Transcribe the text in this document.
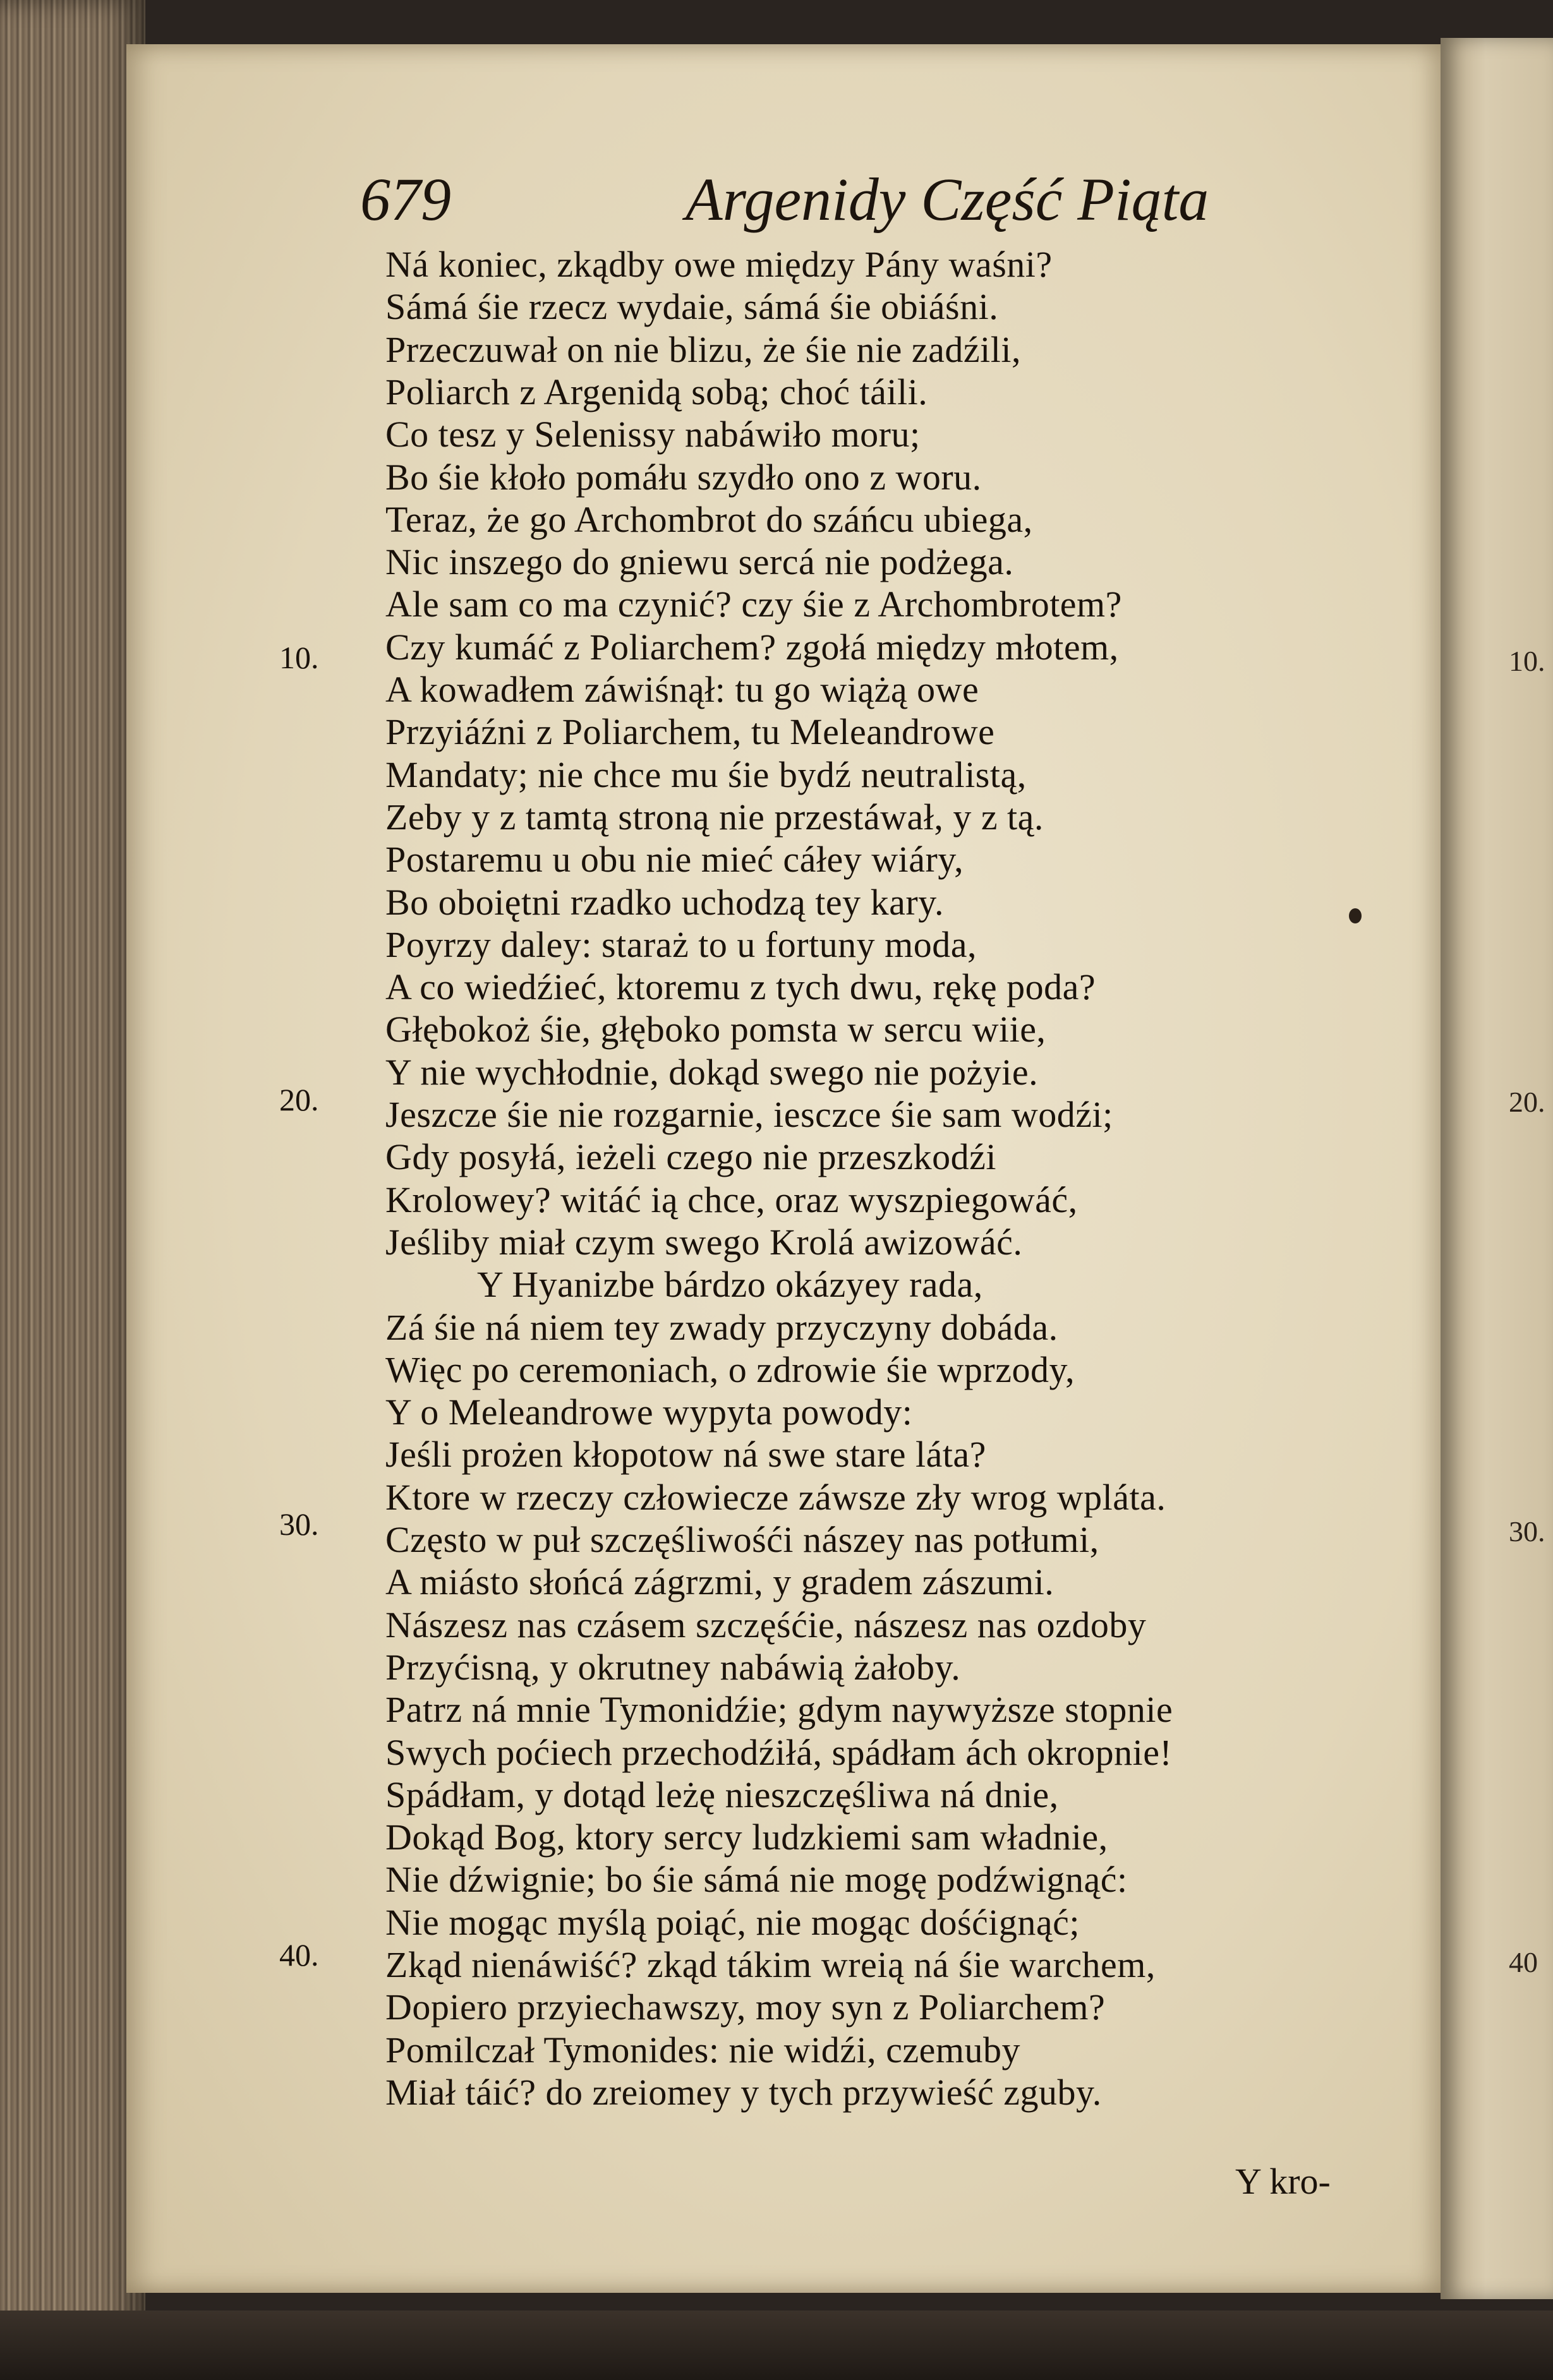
679	Argenidy Część Piąta
Ná koniec, zkądby owe między Pány waśni?
Sámá śie rzecz wydaie, sámá śie obiáśni.
Przeczuwał on nie blizu, że śie nie zadźili,
Poliarch z Argenidą sobą; choć táili.
Co tesz y Selenissy nabáwiło moru;
Bo śie kłoło pomáłu szydło ono z woru.
Teraz, że go Archombrot do száńcu ubiega,
Nic inszego do gniewu sercá nie podżega.
Ale sam co ma czynić? czy śie z Archombrotem?
Czy kumáć z Poliarchem? zgołá między młotem,
A kowadłem záwiśnął: tu go wiążą owe
Przyiáźni z Poliarchem, tu Meleandrowe
Mandaty; nie chce mu śie bydź neutralistą,
Zeby y z tamtą stroną nie przestáwał, y z tą.
Postaremu u obu nie mieć cáłey wiáry,
Bo oboiętni rzadko uchodzą tey kary.
Poyrzy daley: staraż to u fortuny moda,
A co wiedźieć, ktoremu z tych dwu, rękę poda?
Głębokoż śie, głęboko pomsta w sercu wiie,
Y nie wychłodnie, dokąd swego nie pożyie.
Jeszcze śie nie rozgarnie, iesczce śie sam wodźi;
Gdy posyłá, ieżeli czego nie przeszkodźi
Krolowey? witáć ią chce, oraz wyszpiegowáć,
Jeśliby miał czym swego Krolá awizowáć.
Y Hyanizbe bárdzo okázyey rada,
Zá śie ná niem tey zwady przyczyny dobáda.
Więc po ceremoniach, o zdrowie śie wprzody,
Y o Meleandrowe wypyta powody:
Jeśli prożen kłopotow ná swe stare láta?
Ktore w rzeczy człowiecze záwsze zły wrog wpláta.
Często w puł szczęśliwośći nászey nas potłumi,
A miásto słońcá zágrzmi, y gradem zászumi.
Nászesz nas czásem szczęśćie, nászesz nas ozdoby
Przyćisną, y okrutney nabáwią żałoby.
Patrz ná mnie Tymonidźie; gdym naywyższe stopnie
Swych poćiech przechodźiłá, spádłam ách okropnie!
Spádłam, y dotąd leżę nieszczęśliwa ná dnie,
Dokąd Bog, ktory sercy ludzkiemi sam władnie,
Nie dźwignie; bo śie sámá nie mogę podźwignąć:
Nie mogąc myślą poiąć, nie mogąc dośćignąć;
Zkąd nienáwiść? zkąd tákim wreią ná śie warchem,
Dopiero przyiechawszy, moy syn z Poliarchem?
Pomilczał Tymonides: nie widźi, czemuby
Miał táić? do zreiomey y tych przywieść zguby.
10.
20.
30.
40.
10.
20.
30.
40
Y kro-
